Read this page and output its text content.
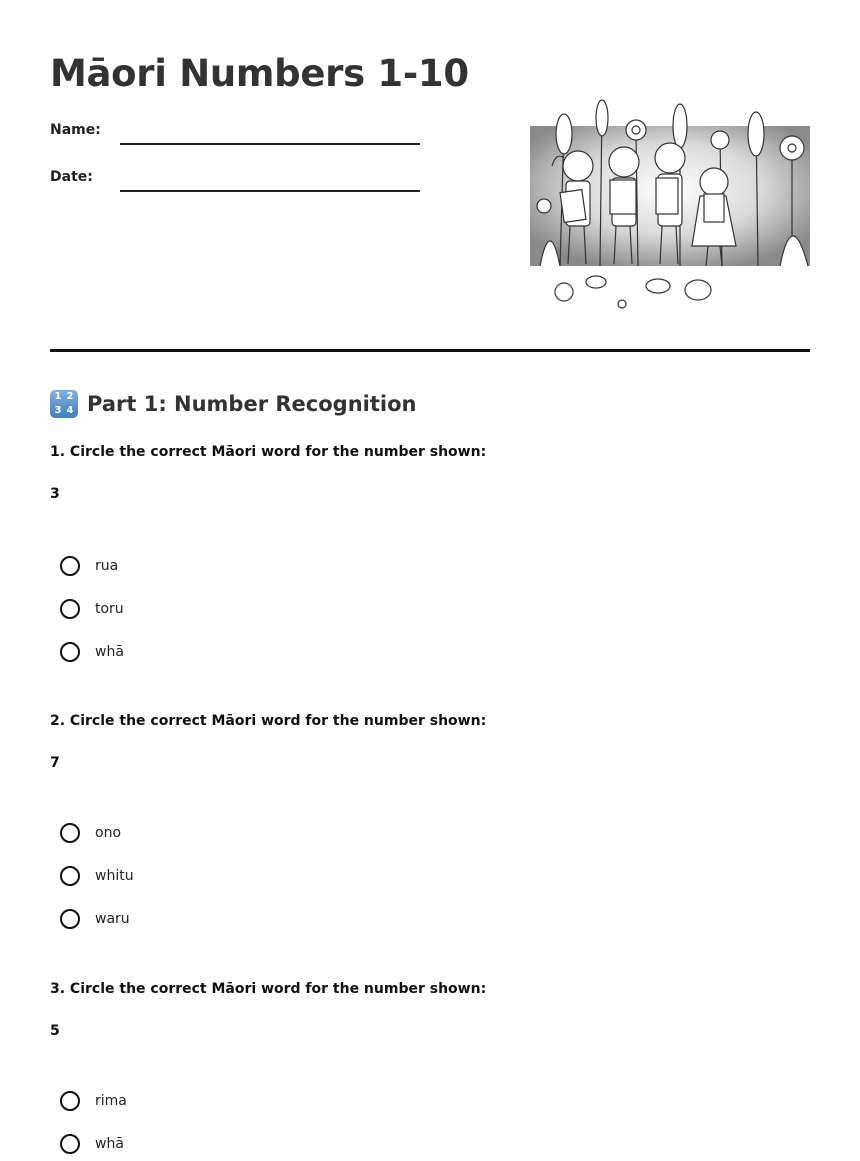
Māori Numbers 1-10
Name:
Date:
1 2
3 4 Part 1: Number Recognition
1. Circle the correct Māori word for the number shown:
3
rua
toru
whā
2. Circle the correct Māori word for the number shown:
7
ono
whitu
waru
3. Circle the correct Māori word for the number shown:
5
rima
whā
